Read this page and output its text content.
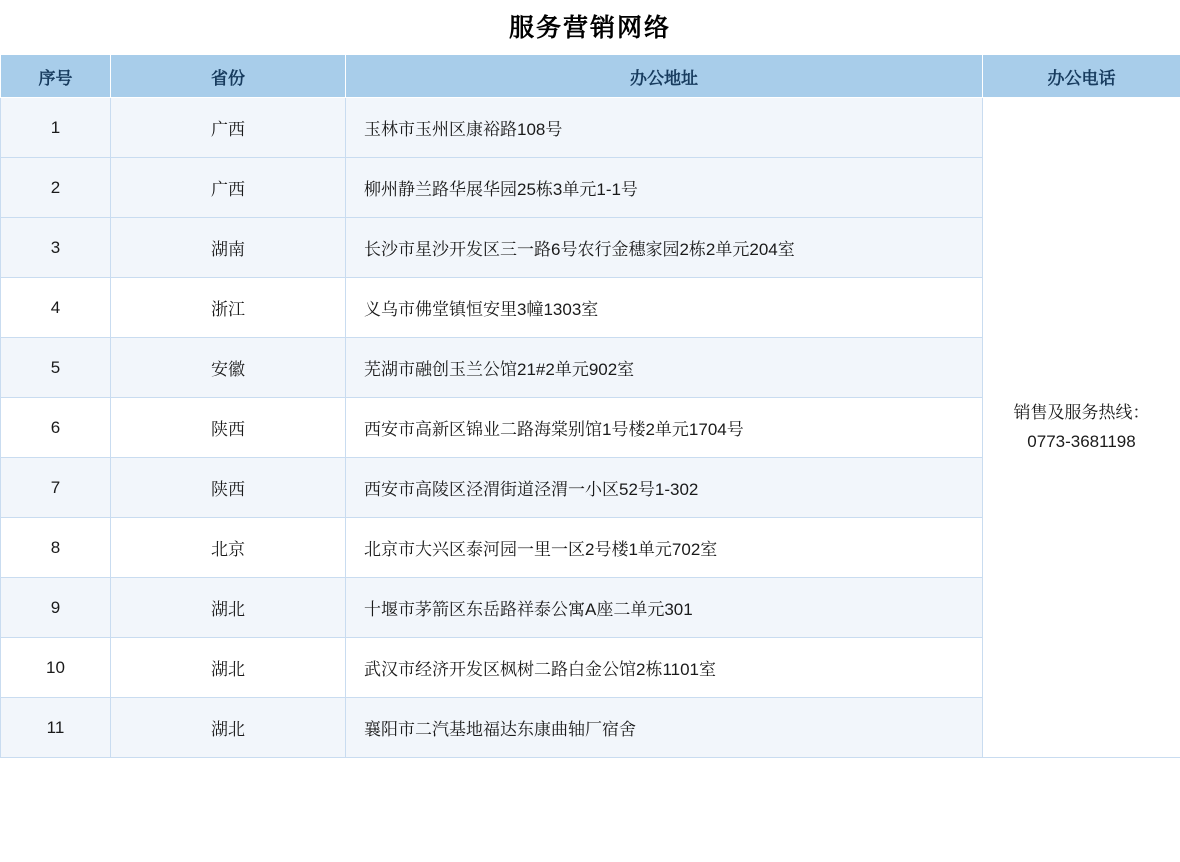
服务营销网络
序号	省份	办公地址	办公电话
1	广西	玉林市玉州区康裕路108号	销售及服务热线：
0773-3681198

2	广西	柳州静兰路华展华园25栋3单元1-1号	
3	湖南	长沙市星沙开发区三一路6号农行金穗家园2栋2单元204室	
4	浙江	义乌市佛堂镇恒安里3幢1303室	
5	安徽	芜湖市融创玉兰公馆21#2单元902室	
6	陕西	西安市高新区锦业二路海棠别馆1号楼2单元1704号	
7	陕西	西安市高陵区泾渭街道泾渭一小区52号1-302	
8	北京	北京市大兴区泰河园一里一区2号楼1单元702室	
9	湖北	十堰市茅箭区东岳路祥泰公寓A座二单元301	
10	湖北	武汉市经济开发区枫树二路白金公馆2栋1101室	
11	湖北	襄阳市二汽基地福达东康曲轴厂宿舍	
